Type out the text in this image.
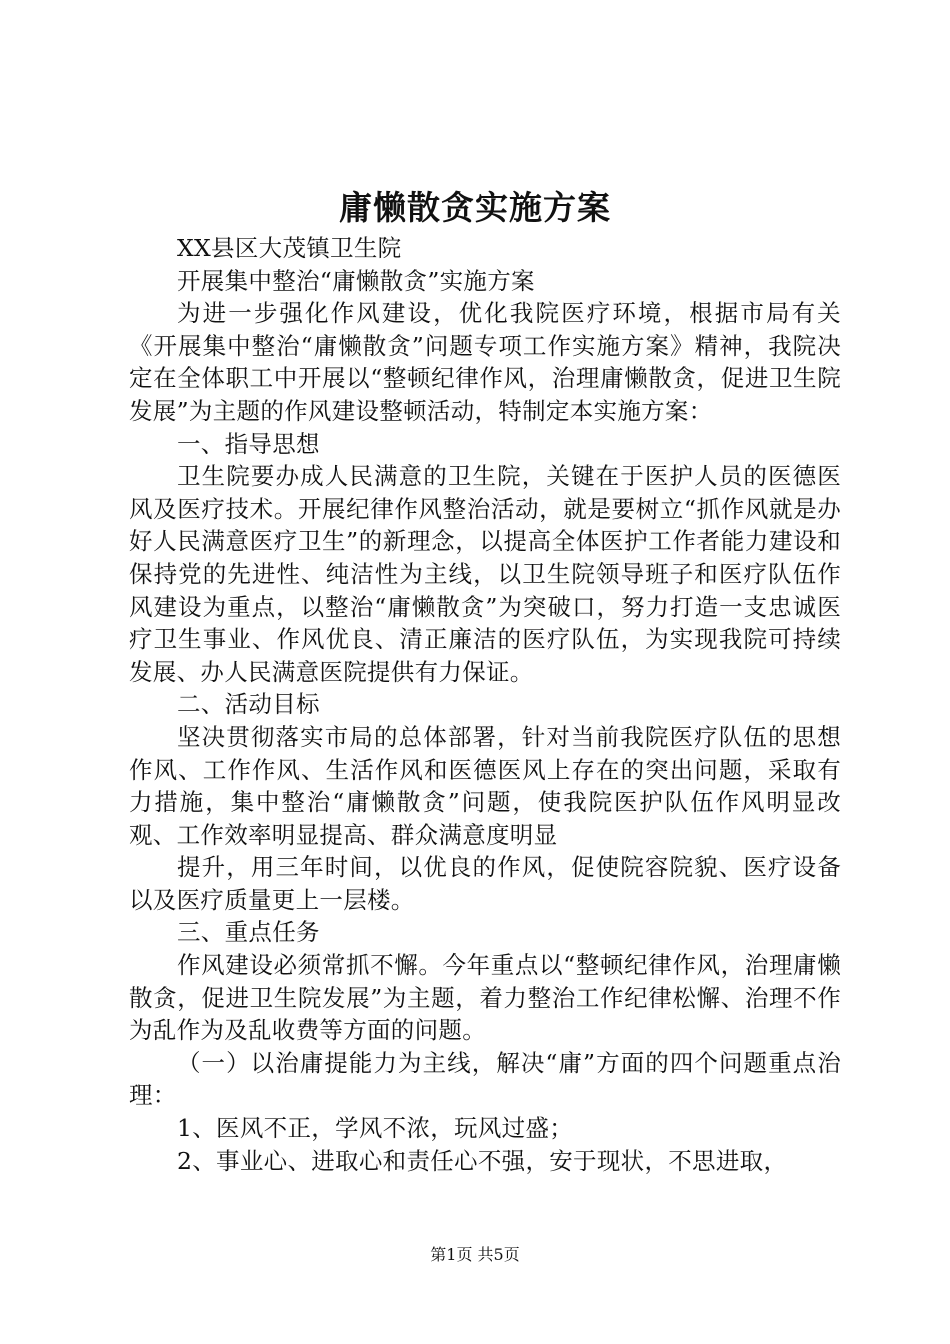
庸懒散贪实施方案

XX县区大茂镇卫生院

开展集中整治“庸懒散贪”实施方案

为进一步强化作风建设，优化我院医疗环境，根据市局有关《开展集中整治“庸懒散贪”问题专项工作实施方案》精神，我院决定在全体职工中开展以“整顿纪律作风，治理庸懒散贪，促进卫生院发展”为主题的作风建设整顿活动，特制定本实施方案：

一、指导思想

卫生院要办成人民满意的卫生院，关键在于医护人员的医德医风及医疗技术。开展纪律作风整治活动，就是要树立“抓作风就是办好人民满意医疗卫生”的新理念，以提高全体医护工作者能力建设和保持党的先进性、纯洁性为主线，以卫生院领导班子和医疗队伍作风建设为重点，以整治“庸懒散贪”为突破口，努力打造一支忠诚医疗卫生事业、作风优良、清正廉洁的医疗队伍，为实现我院可持续发展、办人民满意医院提供有力保证。

二、活动目标

坚决贯彻落实市局的总体部署，针对当前我院医疗队伍的思想作风、工作作风、生活作风和医德医风上存在的突出问题，采取有力措施，集中整治“庸懒散贪”问题，使我院医护队伍作风明显改观、工作效率明显提高、群众满意度明显

提升，用三年时间，以优良的作风，促使院容院貌、医疗设备以及医疗质量更上一层楼。

三、重点任务

作风建设必须常抓不懈。今年重点以“整顿纪律作风，治理庸懒散贪，促进卫生院发展”为主题，着力整治工作纪律松懈、治理不作为乱作为及乱收费等方面的问题。

（一）以治庸提能力为主线，解决“庸”方面的四个问题重点治理：

1、医风不正，学风不浓，玩风过盛；

2、事业心、进取心和责任心不强，安于现状，不思进取，

第1页 共5页
